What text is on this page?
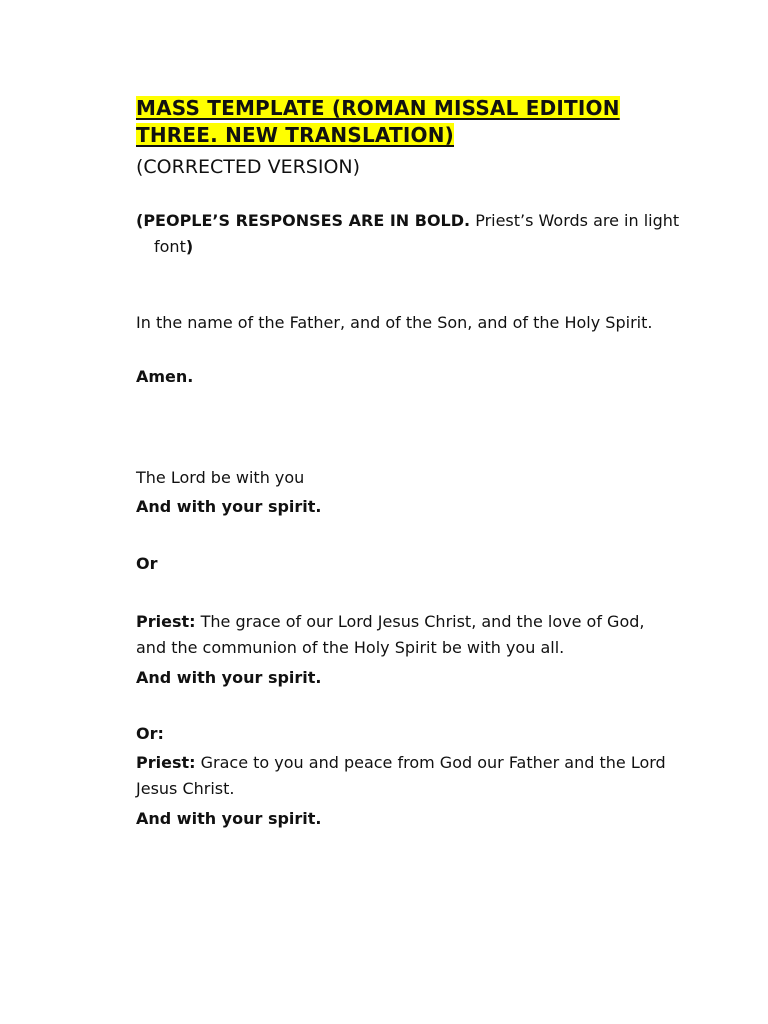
MASS TEMPLATE (ROMAN MISSAL EDITION
THREE. NEW TRANSLATION)
(CORRECTED VERSION)
(PEOPLE’S RESPONSES ARE IN BOLD. Priest’s Words are in light font)
In the name of the Father, and of the Son, and of the Holy Spirit.
Amen.
The Lord be with you
And with your spirit.
Or
Priest: The grace of our Lord Jesus Christ, and the love of God, and the communion of the Holy Spirit be with you all.
And with your spirit.
Or:
Priest: Grace to you and peace from God our Father and the Lord Jesus Christ.
And with your spirit.
